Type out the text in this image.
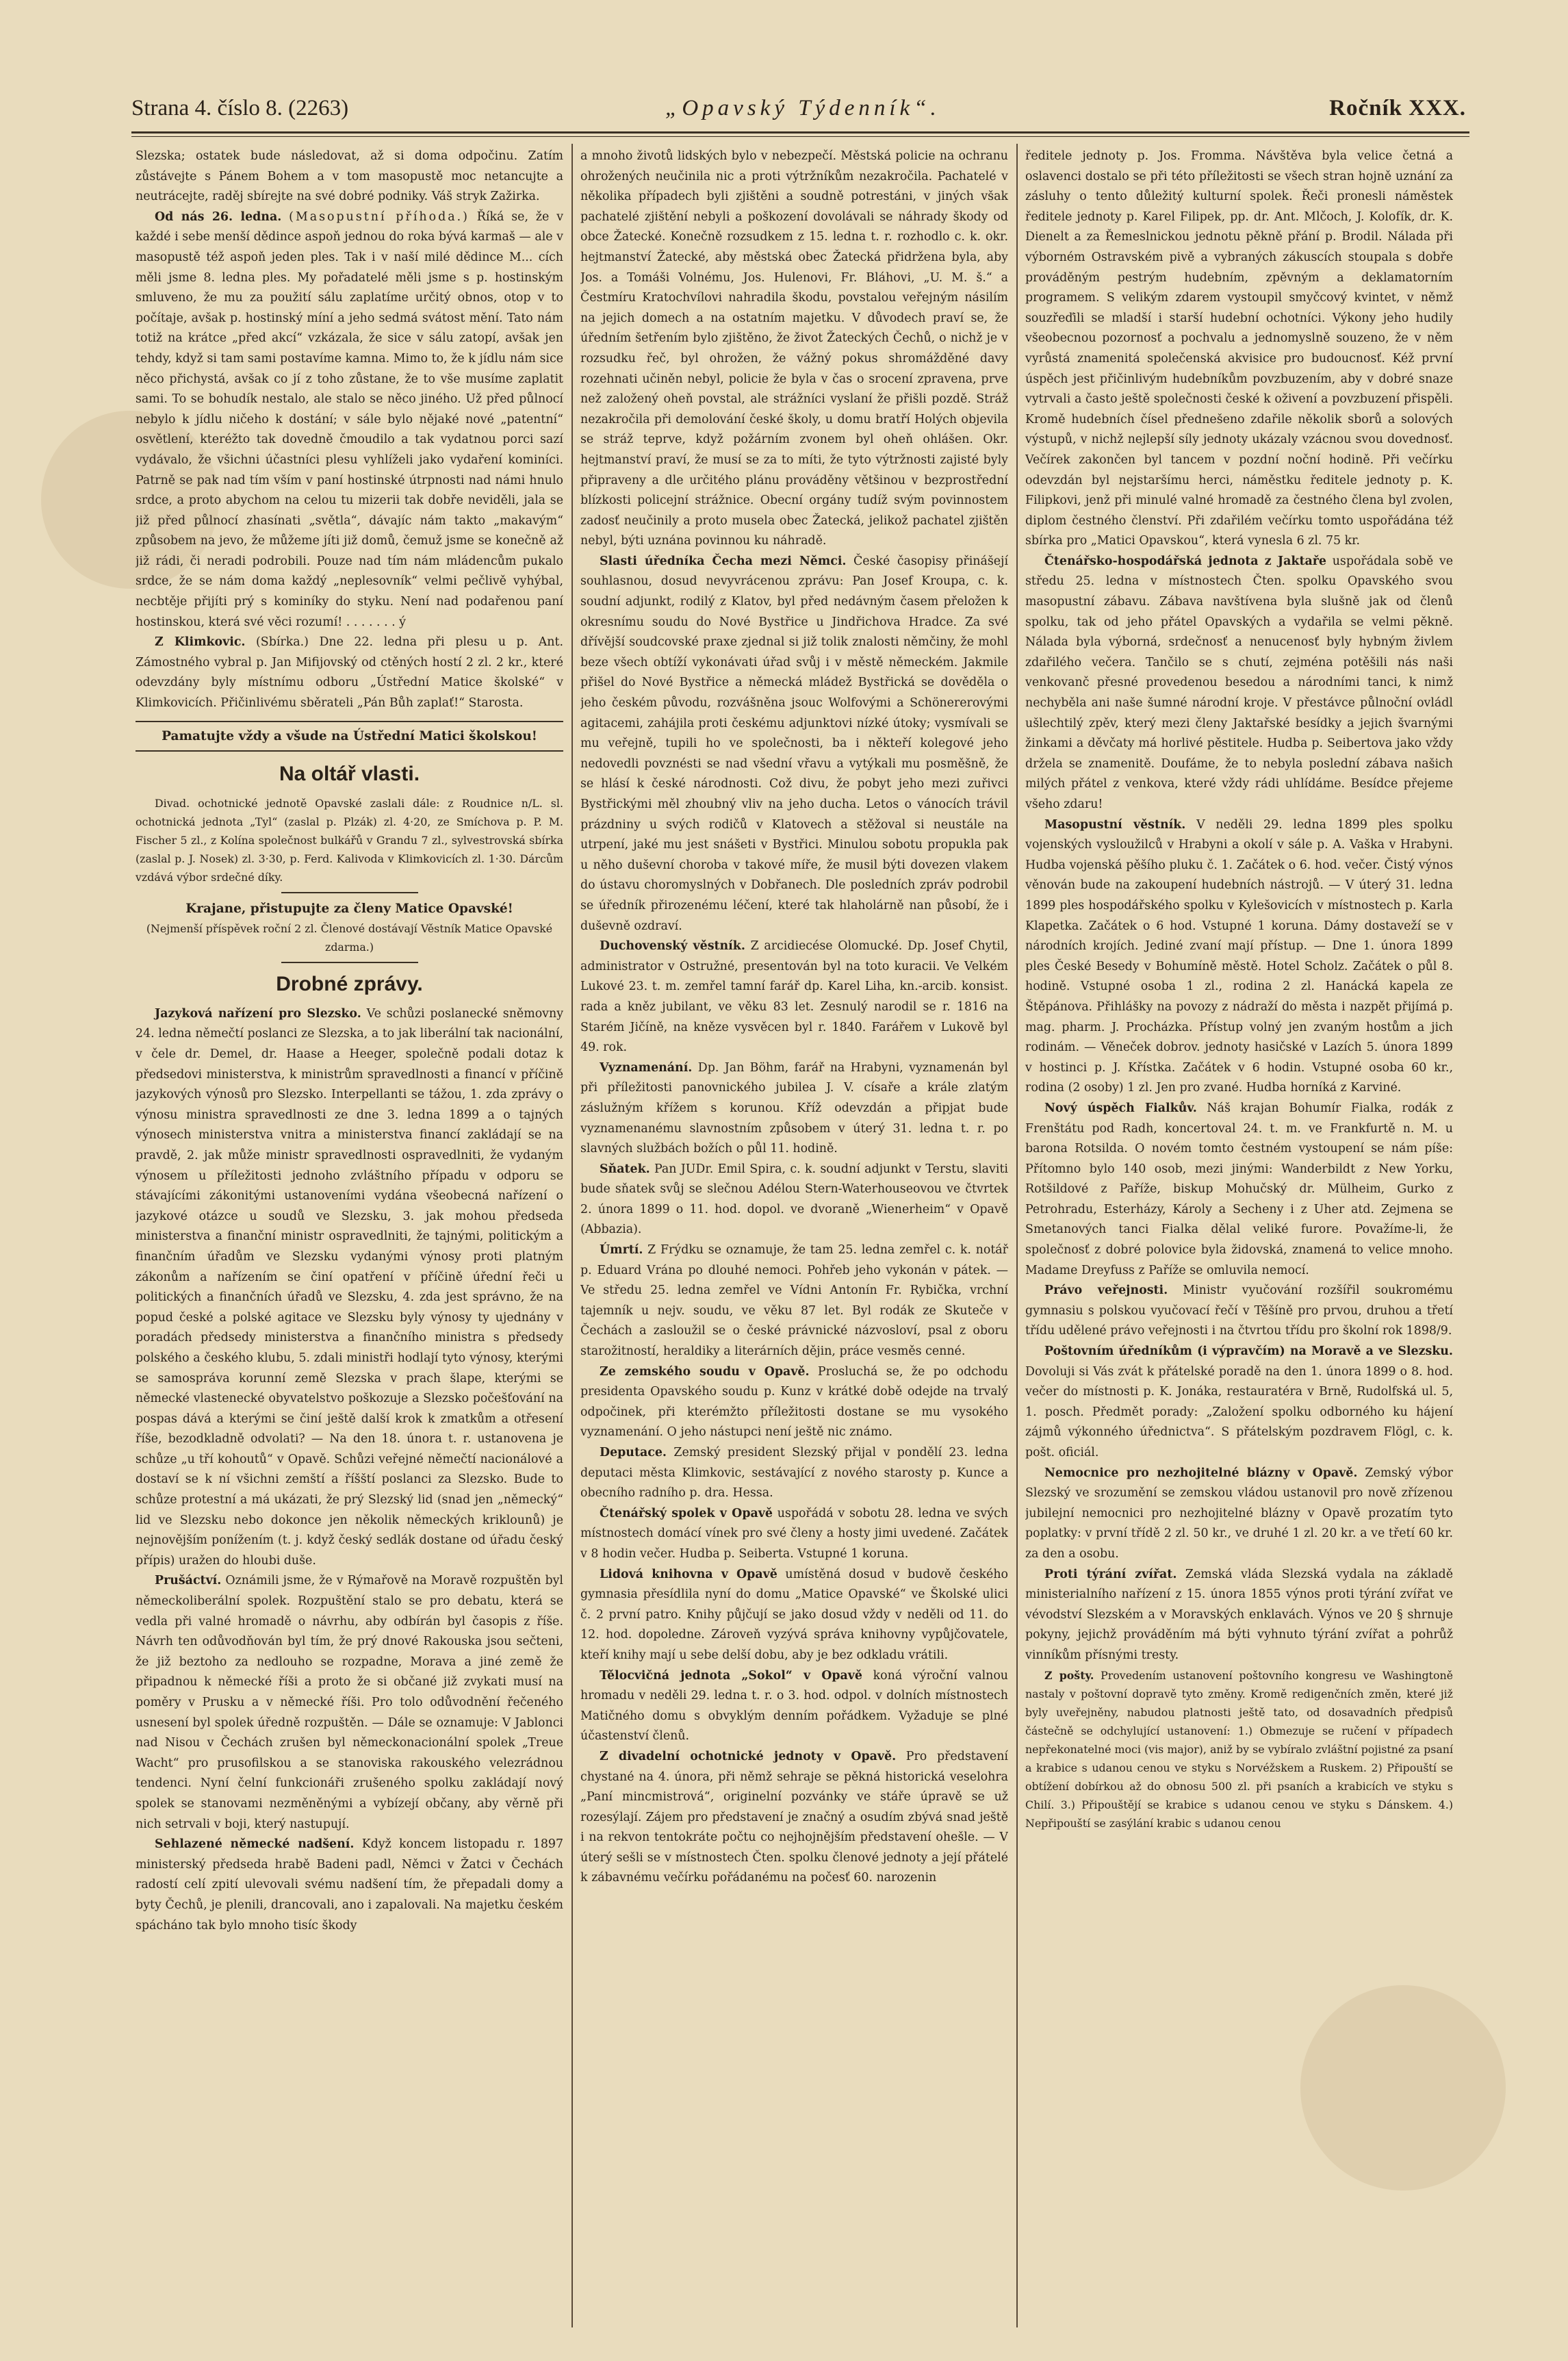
Strana 4. číslo 8. (2263)	„Opavský Týdenník“.	Ročník XXX.

Slezska; ostatek bude následovat, až si doma odpočinu. Zatím zůstávejte s Pánem Bohem a v tom masopustě moc netancujte a neutrácejte, raděj sbírejte na své dobré podniky. Váš stryk Zažirka.

Od nás 26. ledna. (Masopustní příhoda.) Říká se, že v každé i sebe menší dědince aspoň jednou do roka bývá karmaš — ale v masopustě též aspoň jeden ples. Tak i v naší milé dědince M... cích měli jsme 8. ledna ples. My pořadatelé měli jsme s p. hostinským smluveno, že mu za použití sálu zaplatíme určitý obnos, otop v to počítaje, avšak p. hostinský míní a jeho sedmá svátost mění. Tato nám totiž na krátce „před akcí“ vzkázala, že sice v sálu zatopí, avšak jen tehdy, když si tam sami postavíme kamna. Mimo to, že k jídlu nám sice něco přichystá, avšak co jí z toho zůstane, že to vše musíme zaplatit sami. To se bohudík nestalo, ale stalo se něco jiného. Už před půlnocí nebylo k jídlu ničeho k dostání; v sále bylo nějaké nové „patentní“ osvětlení, kteréžto tak dovedně čmoudilo a tak vydatnou porci sazí vydávalo, že všichni účastníci plesu vyhlíželi jako vydaření kominíci. Patrně se pak nad tím vším v paní hostinské útrpnosti nad námi hnulo srdce, a proto abychom na celou tu mizerii tak dobře neviděli, jala se již před půlnocí zhasínati „světla“, dávajíc nám takto „makavým“ způsobem na jevo, že můžeme jíti již domů, čemuž jsme se konečně až již rádi, či neradi podrobili. Pouze nad tím nám mládencům pukalo srdce, že se nám doma každý „neplesovník“ velmi pečlivě vyhýbal, necbtěje přijíti prý s kominíky do styku. Není nad podařenou paní hostinskou, která své věci rozumí! . . . . . . . ý

Z Klimkovic. (Sbírka.) Dne 22. ledna při plesu u p. Ant. Zámostného vybral p. Jan Mifijovský od ctěných hostí 2 zl. 2 kr., které odevzdány byly místnímu odboru „Ústřední Matice školské“ v Klimkovicích. Přičinlivému sběrateli „Pán Bůh zaplať!“ Starosta.

Pamatujte vždy a všude na Ústřední Matici školskou!
Na oltář vlasti.

Divad. ochotnické jednotě Opavské zaslali dále: z Roudnice n/L. sl. ochotnická jednota „Tyl“ (zaslal p. Plzák) zl. 4·20, ze Smíchova p. P. M. Fischer 5 zl., z Kolína společnost bulkářů v Grandu 7 zl., sylvestrovská sbírka (zaslal p. J. Nosek) zl. 3·30, p. Ferd. Kalivoda v Klimkovicích zl. 1·30. Dárcům vzdává výbor srdečné díky.

Krajane, přistupujte za členy Matice Opavské!

(Nejmenší příspěvek roční 2 zl. Členové dostávají Věstník Matice Opavské zdarma.)

Drobné zprávy.

Jazyková nařízení pro Slezsko. Ve schůzi poslanecké sněmovny 24. ledna němečtí poslanci ze Slezska, a to jak liberální tak nacionální, v čele dr. Demel, dr. Haase a Heeger, společně podali dotaz k předsedovi ministerstva, k ministrům spravedlnosti a financí v příčině jazykových výnosů pro Slezsko. Interpellanti se tážou, 1. zda zprávy o výnosu ministra spravedlnosti ze dne 3. ledna 1899 a o tajných výnosech ministerstva vnitra a ministerstva financí zakládají se na pravdě, 2. jak může ministr spravedlnosti ospravedlniti, že vydaným výnosem u příležitosti jednoho zvláštního případu v odporu se stávajícími zákonitými ustanoveními vydána všeobecná nařízení o jazykové otázce u soudů ve Slezsku, 3. jak mohou předseda ministerstva a finanční ministr ospravedlniti, že tajnými, politickým a finančním úřadům ve Slezsku vydanými výnosy proti platným zákonům a nařízením se činí opatření v příčině úřední řeči u politických a finančních úřadů ve Slezsku, 4. zda jest správno, že na popud české a polské agitace ve Slezsku byly výnosy ty ujednány v poradách předsedy ministerstva a finančního ministra s předsedy polského a českého klubu, 5. zdali ministři hodlají tyto výnosy, kterými se samospráva korunní země Slezska v prach šlape, kterými se německé vlastenecké obyvatelstvo poškozuje a Slezsko počešťování na pospas dává a kterými se činí ještě další krok k zmatkům a otřesení říše, bezodkladně odvolati? — Na den 18. února t. r. ustanovena je schůze „u tří kohoutů“ v Opavě. Schůzi veřejné němečtí nacionálové a dostaví se k ní všichni zemští a říšští poslanci za Slezsko. Bude to schůze protestní a má ukázati, že prý Slezský lid (snad jen „německý“ lid ve Slezsku nebo dokonce jen několik německých kriklounů) je nejnovějším ponížením (t. j. když český sedlák dostane od úřadu český přípis) uražen do hloubi duše.

Prušáctví. Oznámili jsme, že v Rýmařově na Moravě rozpuštěn byl německoliberální spolek. Rozpuštění stalo se pro debatu, která se vedla při valné hromadě o návrhu, aby odbírán byl časopis z říše. Návrh ten odůvodňován byl tím, že prý dnové Rakouska jsou sečteni, že již beztoho za nedlouho se rozpadne, Morava a jiné země že připadnou k německé říši a proto že si občané již zvykati musí na poměry v Prusku a v německé říši. Pro tolo odůvodnění řečeného usnesení byl spolek úředně rozpuštěn. — Dále se oznamuje: V Jablonci nad Nisou v Čechách zrušen byl německonacionální spolek „Treue Wacht“ pro prusofilskou a se stanoviska rakouského velezrádnou tendenci. Nyní čelní funkcionáři zrušeného spolku zakládají nový spolek se stanovami nezměněnými a vybízejí občany, aby věrně při nich setrvali v boji, který nastupují.

Sehlazené německé nadšení. Když koncem listopadu r. 1897 ministerský předseda hrabě Badeni padl, Němci v Žatci v Čechách radostí celí zpití ulevovali svému nadšení tím, že přepadali domy a byty Čechů, je plenili, drancovali, ano i zapalovali. Na majetku českém spácháno tak bylo mnoho tisíc škody

a mnoho životů lidských bylo v nebezpečí. Městská policie na ochranu ohrožených neučinila nic a proti výtržníkům nezakročila. Pachatelé v několika případech byli zjištěni a soudně potrestáni, v jiných však pachatelé zjištění nebyli a poškození dovolávali se náhrady škody od obce Žatecké. Konečně rozsudkem z 15. ledna t. r. rozhodlo c. k. okr. hejtmanství Žatecké, aby městská obec Žatecká přidržena byla, aby Jos. a Tomáši Volnému, Jos. Hulenovi, Fr. Bláhovi, „U. M. š.“ a Čestmíru Kratochvílovi nahradila škodu, povstalou veřejným násilím na jejich domech a na ostatním majetku. V důvodech praví se, že úředním šetřením bylo zjištěno, že život Žateckých Čechů, o nichž je v rozsudku řeč, byl ohrožen, že vážný pokus shromážděné davy rozehnati učiněn nebyl, policie že byla v čas o srocení zpravena, prve než založený oheň povstal, ale strážníci vyslaní že přišli pozdě. Stráž nezakročila při demolování české školy, u domu bratří Holých objevila se stráž teprve, když požárním zvonem byl oheň ohlášen. Okr. hejtmanství praví, že musí se za to míti, že tyto výtržnosti zajisté byly připraveny a dle určitého plánu prováděny většinou v bezprostřední blízkosti policejní strážnice. Obecní orgány tudíž svým povinnostem zadosť neučinily a proto musela obec Žatecká, jelikož pachatel zjištěn nebyl, býti uznána povinnou ku náhradě.

Slasti úředníka Čecha mezi Němci. České časopisy přinášejí souhlasnou, dosud nevyvrácenou zprávu: Pan Josef Kroupa, c. k. soudní adjunkt, rodilý z Klatov, byl před nedávným časem přeložen k okresnímu soudu do Nové Bystřice u Jindřichova Hradce. Za své dřívější soudcovské praxe zjednal si již tolik znalosti němčiny, že mohl beze všech obtíží vykonávati úřad svůj i v městě německém. Jakmile přišel do Nové Bystřice a německá mládež Bystřická se dověděla o jeho českém původu, rozvášněna jsouc Wolfovými a Schönererovými agitacemi, zahájila proti českému adjunktovi nízké útoky; vysmívali se mu veřejně, tupili ho ve společnosti, ba i někteří kolegové jeho nedovedli povznésti se nad všední vřavu a vytýkali mu posměšně, že se hlásí k české národnosti. Což divu, že pobyt jeho mezi zuřivci Bystřickými měl zhoubný vliv na jeho ducha. Letos o vánocích trávil prázdniny u svých rodičů v Klatovech a stěžoval si neustále na utrpení, jaké mu jest snášeti v Bystřici. Minulou sobotu propukla pak u něho duševní choroba v takové míře, že musil býti dovezen vlakem do ústavu choromyslných v Dobřanech. Dle posledních zpráv podrobil se úředník přirozenému léčení, které tak hlaholárně nan působí, že i duševně ozdraví.

Duchovenský věstník. Z arcidiecése Olomucké. Dp. Josef Chytil, administrator v Ostružné, presentován byl na toto kuracii. Ve Velkém Lukové 23. t. m. zemřel tamní farář dp. Karel Liha, kn.-arcib. konsist. rada a kněz jubilant, ve věku 83 let. Zesnulý narodil se r. 1816 na Starém Jičíně, na kněze vysvěcen byl r. 1840. Farářem v Lukově byl 49. rok.

Vyznamenání. Dp. Jan Böhm, farář na Hrabyni, vyznamenán byl při příležitosti panovnického jubilea J. V. císaře a krále zlatým záslužným křížem s korunou. Kříž odevzdán a připjat bude vyznamenanému slavnostním způsobem v úterý 31. ledna t. r. po slavných službách božích o půl 11. hodině.

Sňatek. Pan JUDr. Emil Spira, c. k. soudní adjunkt v Terstu, slaviti bude sňatek svůj se slečnou Adélou Stern-Waterhouseovou ve čtvrtek 2. února 1899 o 11. hod. dopol. ve dvoraně „Wienerheim“ v Opavě (Abbazia).

Úmrtí. Z Frýdku se oznamuje, že tam 25. ledna zemřel c. k. notář p. Eduard Vrána po dlouhé nemoci. Pohřeb jeho vykonán v pátek. — Ve středu 25. ledna zemřel ve Vídni Antonín Fr. Rybička, vrchní tajemník u nejv. soudu, ve věku 87 let. Byl rodák ze Skuteče v Čechách a zasloužil se o české právnické názvosloví, psal z oboru starožitností, heraldiky a literárních dějin, práce vesměs cenné.

Ze zemského soudu v Opavě. Prosluchá se, že po odchodu presidenta Opavského soudu p. Kunz v krátké době odejde na trvalý odpočinek, při kterémžto příležitosti dostane se mu vysokého vyznamenání. O jeho nástupci není ještě nic známo.

Deputace. Zemský president Slezský přijal v pondělí 23. ledna deputaci města Klimkovic, sestávající z nového starosty p. Kunce a obecního radního p. dra. Hessa.

Čtenářský spolek v Opavě uspořádá v sobotu 28. ledna ve svých místnostech domácí vínek pro své členy a hosty jimi uvedené. Začátek v 8 hodin večer. Hudba p. Seiberta. Vstupné 1 koruna.

Lidová knihovna v Opavě umístěná dosud v budově českého gymnasia přesídlila nyní do domu „Matice Opavské“ ve Školské ulici č. 2 první patro. Knihy půjčují se jako dosud vždy v neděli od 11. do 12. hod. dopoledne. Zároveň vyzývá správa knihovny vypůjčovatele, kteří knihy mají u sebe delší dobu, aby je bez odkladu vrátili.

Tělocvičná jednota „Sokol“ v Opavě koná výroční valnou hromadu v neděli 29. ledna t. r. o 3. hod. odpol. v dolních místnostech Matičného domu s obvyklým denním pořádkem. Vyžaduje se plné účastenství členů.

Z divadelní ochotnické jednoty v Opavě. Pro představení chystané na 4. února, při němž sehraje se pěkná historická veselohra „Paní mincmistrová“, originelní pozvánky ve stáře úpravě se už rozesýlají. Zájem pro představení je značný a osudím zbývá snad ještě i na rekvon tentokráte počtu co nejhojnějším představení ohešle. — V úterý sešli se v místnostech Čten. spolku členové jednoty a její přátelé k zábavnému večírku pořádanému na počesť 60. narozenin

ředitele jednoty p. Jos. Fromma. Návštěva byla velice četná a oslavenci dostalo se při této příležitosti se všech stran hojně uznání za zásluhy o tento důležitý kulturní spolek. Řeči pronesli náměstek ředitele jednoty p. Karel Filipek, pp. dr. Ant. Mlčoch, J. Kolofík, dr. K. Dienelt a za Řemeslnickou jednotu pěkně přání p. Brodil. Nálada při výborném Ostravském pivě a vybraných zákuscích stoupala s dobře prováděným pestrým hudebním, zpěvným a deklamatorním programem. S velikým zdarem vystoupil smyčcový kvintet, v němž souzřeďili se mladší i starší hudební ochotníci. Výkony jeho hudily všeobecnou pozornosť a pochvalu a jednomyslně souzeno, že v něm vyrůstá znamenitá společenská akvisice pro budoucnosť. Kéž první úspěch jest přičinlivým hudebníkům povzbuzením, aby v dobré snaze vytrvali a často ještě společnosti české k oživení a povzbuzení přispěli. Kromě hudebních čísel přednešeno zdařile několik sborů a solových výstupů, v nichž nejlepší síly jednoty ukázaly vzácnou svou dovednosť. Večírek zakončen byl tancem v pozdní noční hodině. Při večírku odevzdán byl nejstaršímu herci, náměstku ředitele jednoty p. K. Filipkovi, jenž při minulé valné hromadě za čestného člena byl zvolen, diplom čestného členství. Při zdařilém večírku tomto uspořádána též sbírka pro „Matici Opavskou“, která vynesla 6 zl. 75 kr.

Čtenářsko-hospodářská jednota z Jaktaře uspořádala sobě ve středu 25. ledna v místnostech Čten. spolku Opavského svou masopustní zábavu. Zábava navštívena byla slušně jak od členů spolku, tak od jeho přátel Opavských a vydařila se velmi pěkně. Nálada byla výborná, srdečnosť a nenucenosť byly hybným živlem zdařilého večera. Tančilo se s chutí, zejména potěšili nás naši venkovanč přesné provedenou besedou a národními tanci, k nimž nechyběla ani naše šumné národní kroje. V přestávce půlnoční ovládl ušlechtilý zpěv, který mezi členy Jaktařské besídky a jejich švarnými žinkami a děvčaty má horlivé pěstitele. Hudba p. Seibertova jako vždy držela se znamenitě. Doufáme, že to nebyla poslední zábava našich milých přátel z venkova, které vždy rádi uhlídáme. Besídce přejeme všeho zdaru!

Masopustní věstník. V neděli 29. ledna 1899 ples spolku vojenských vysloužilců v Hrabyni a okolí v sále p. A. Vaška v Hrabyni. Hudba vojenská pěšího pluku č. 1. Začátek o 6. hod. večer. Čistý výnos věnován bude na zakoupení hudebních nástrojů. — V úterý 31. ledna 1899 ples hospodářského spolku v Kylešovicích v místnostech p. Karla Klapetka. Začátek o 6 hod. Vstupné 1 koruna. Dámy dostaveží se v národních krojích. Jediné zvaní mají přístup. — Dne 1. února 1899 ples České Besedy v Bohumíně městě. Hotel Scholz. Začátek o půl 8. hodině. Vstupné osoba 1 zl., rodina 2 zl. Hanácká kapela ze Štěpánova. Přihlášky na povozy z nádraží do města i nazpět přijímá p. mag. pharm. J. Procházka. Přístup volný jen zvaným hostům a jich rodinám. — Věneček dobrov. jednoty hasičské v Lazích 5. února 1899 v hostinci p. J. Křístka. Začátek v 6 hodin. Vstupné osoba 60 kr., rodina (2 osoby) 1 zl. Jen pro zvané. Hudba horníká z Karviné.

Nový úspěch Fialkův. Náš krajan Bohumír Fialka, rodák z Frenštátu pod Radh, koncertoval 24. t. m. ve Frankfurtě n. M. u barona Rotsilda. O novém tomto čestném vystoupení se nám píše: Přítomno bylo 140 osob, mezi jinými: Wanderbildt z New Yorku, Rotšildové z Paříže, biskup Mohučský dr. Mülheim, Gurko z Petrohradu, Esterházy, Károly a Secheny i z Uher atd. Zejmena se Smetanových tanci Fialka dělal veliké furore. Považíme-li, že společnosť z dobré polovice byla židovská, znamená to velice mnoho. Madame Dreyfuss z Paříže se omluvila nemocí.

Právo veřejnosti. Ministr vyučování rozšířil soukromému gymnasiu s polskou vyučovací řečí v Těšíně pro prvou, druhou a třetí třídu udělené právo veřejnosti i na čtvrtou třídu pro školní rok 1898/9.

Poštovním úředníkům (i výpravčím) na Moravě a ve Slezsku. Dovoluji si Vás zvát k přátelské poradě na den 1. února 1899 o 8. hod. večer do místnosti p. K. Jonáka, restauratéra v Brně, Rudolfská ul. 5, 1. posch. Předmět porady: „Založení spolku odborného ku hájení zájmů výkonného úřednictva“. S přátelským pozdravem Flögl, c. k. pošt. oficiál.

Nemocnice pro nezhojitelné blázny v Opavě. Zemský výbor Slezský ve srozumění se zemskou vládou ustanovil pro nově zřízenou jubilejní nemocnici pro nezhojitelné blázny v Opavě prozatím tyto poplatky: v první třídě 2 zl. 50 kr., ve druhé 1 zl. 20 kr. a ve třetí 60 kr. za den a osobu.

Proti týrání zvířat. Zemská vláda Slezská vydala na základě ministerialního nařízení z 15. února 1855 výnos proti týrání zvířat ve vévodství Slezském a v Moravských enklavách. Výnos ve 20 § shrnuje pokyny, jejichž prováděním má býti vyhnuto týrání zvířat a pohrůž vinníkům přísnými tresty.

Z pošty. Provedením ustanovení poštovního kongresu ve Washingtoně nastaly v poštovní dopravě tyto změny. Kromě redigenčních změn, které již byly uveřejněny, nabudou platnosti ještě tato, od dosavadních předpisů částečně se odchylující ustanovení: 1.) Obmezuje se ručení v případech nepřekonatelné moci (vis major), aniž by se vybíralo zvláštní pojistné za psaní a krabice s udanou cenou ve styku s Norvéžskem a Ruskem. 2) Připouští se obtížení dobírkou až do obnosu 500 zl. při psaních a krabicích ve styku s Chilí. 3.) Připouštějí se krabice s udanou cenou ve styku s Dánskem. 4.) Nepřipouští se zasýlání krabic s udanou cenou
